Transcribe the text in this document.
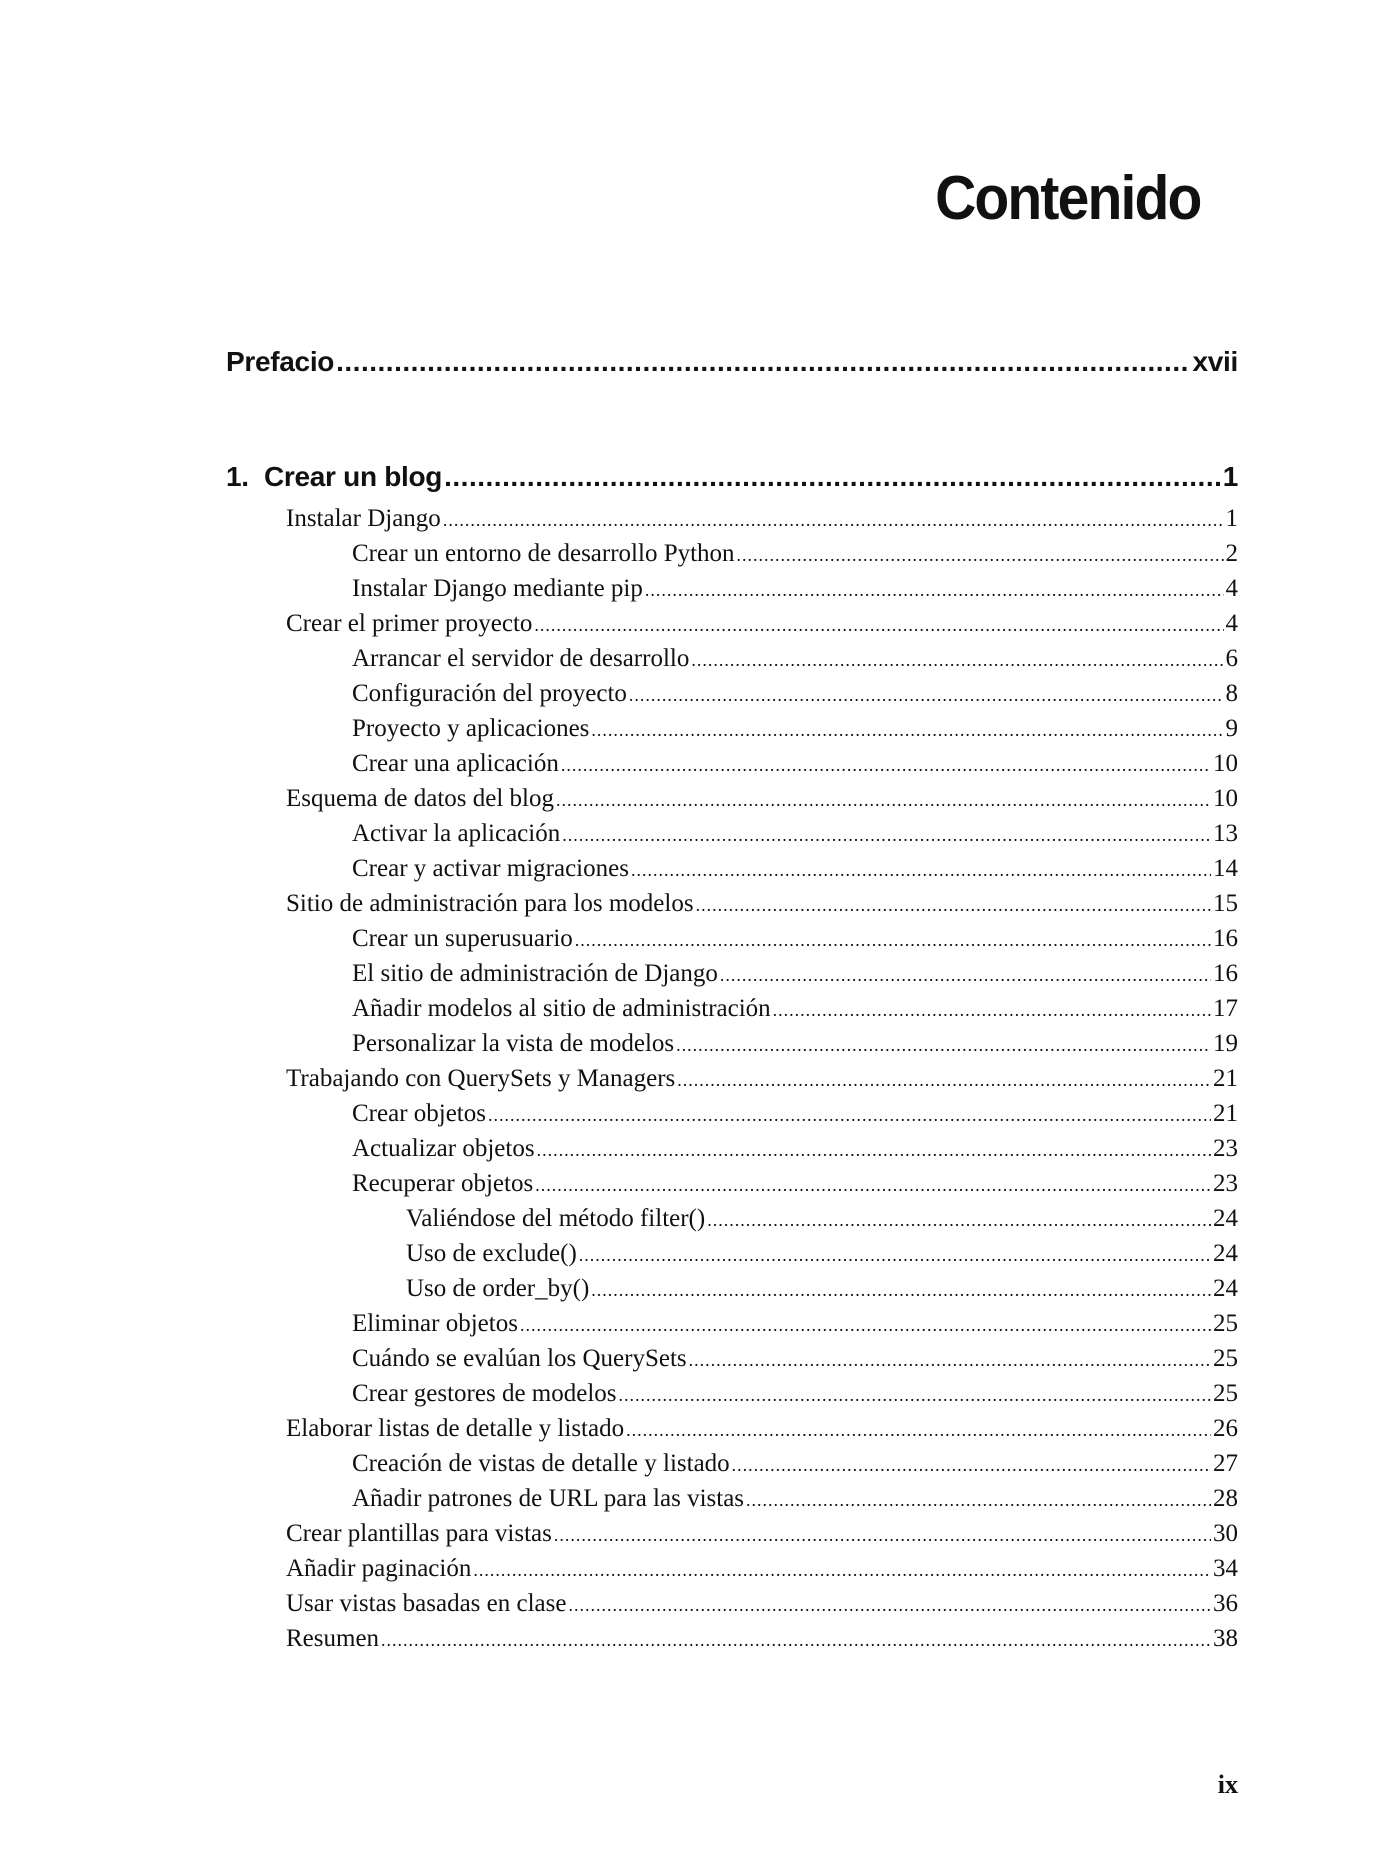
Contenido
Prefacio .....	xvii
1. Crear un blog .....	1
Instalar Django .....	1
Crear un entorno de desarrollo Python .....	2
Instalar Django mediante pip .....	4
Crear el primer proyecto .....	4
Arrancar el servidor de desarrollo .....	6
Configuración del proyecto .....	8
Proyecto y aplicaciones .....	9
Crear una aplicación .....	10
Esquema de datos del blog .....	10
Activar la aplicación .....	13
Crear y activar migraciones .....	14
Sitio de administración para los modelos .....	15
Crear un superusuario .....	16
El sitio de administración de Django .....	16
Añadir modelos al sitio de administración .....	17
Personalizar la vista de modelos .....	19
Trabajando con QuerySets y Managers .....	21
Crear objetos .....	21
Actualizar objetos .....	23
Recuperar objetos .....	23
Valiéndose del método filter() .....	24
Uso de exclude() .....	24
Uso de order_by() .....	24
Eliminar objetos .....	25
Cuándo se evalúan los QuerySets .....	25
Crear gestores de modelos .....	25
Elaborar listas de detalle y listado .....	26
Creación de vistas de detalle y listado .....	27
Añadir patrones de URL para las vistas .....	28
Crear plantillas para vistas .....	30
Añadir paginación .....	34
Usar vistas basadas en clase .....	36
Resumen .....	38

ix
